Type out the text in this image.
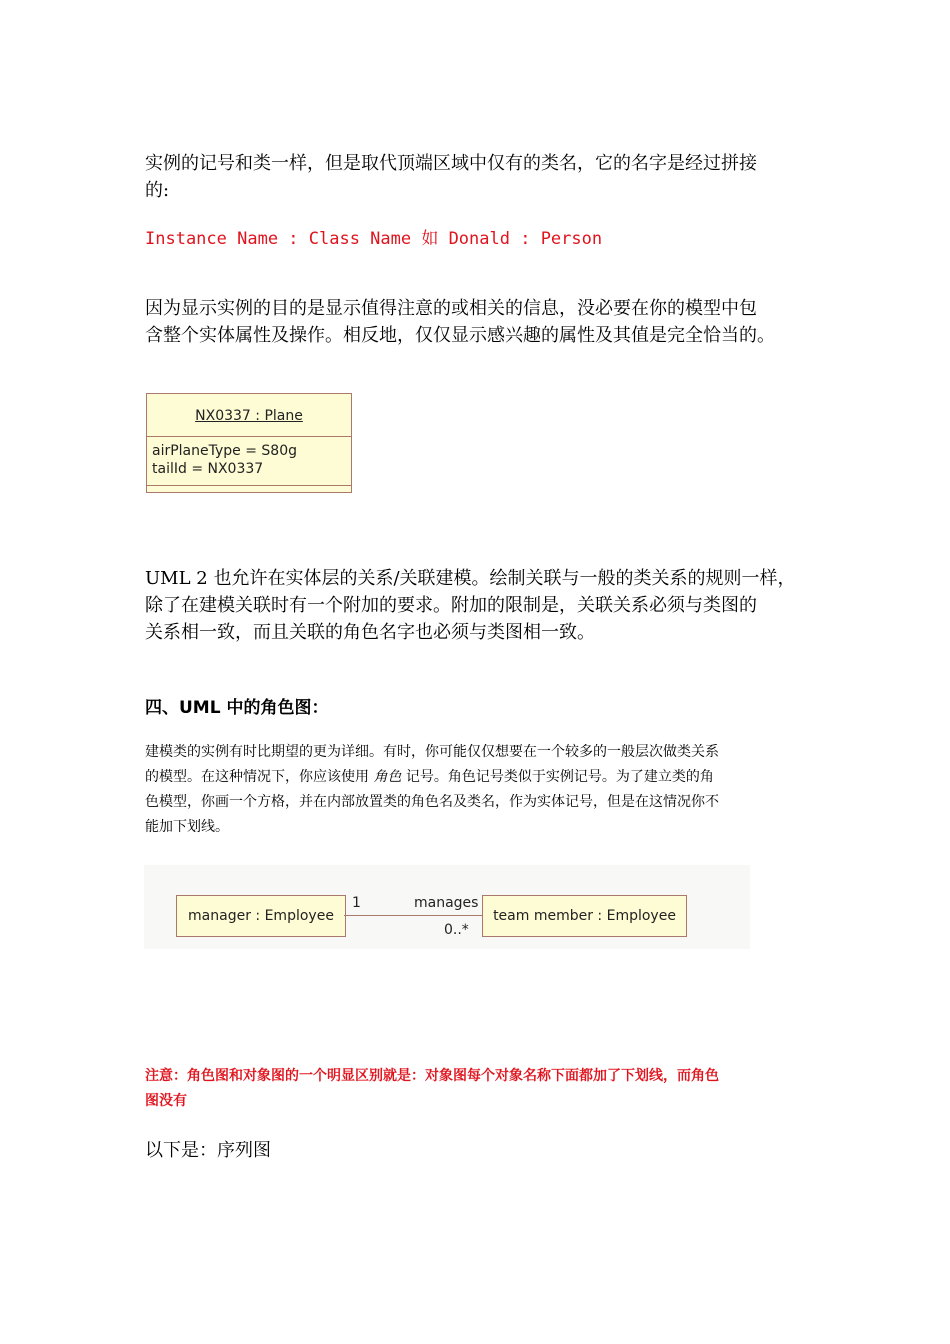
实例的记号和类一样，但是取代顶端区域中仅有的类名，它的名字是经过拼接
的:
Instance Name : Class Name 如 Donald : Person
因为显示实例的目的是显示值得注意的或相关的信息，没必要在你的模型中包
含整个实体属性及操作。相反地，仅仅显示感兴趣的属性及其值是完全恰当的。
NX0337 : Plane
airPlaneType = S80g
tailId = NX0337
UML 2 也允许在实体层的关系/关联建模。绘制关联与一般的类关系的规则一样，
除了在建模关联时有一个附加的要求。附加的限制是，关联关系必须与类图的
关系相一致，而且关联的角色名字也必须与类图相一致。
四、UML 中的角色图：
建模类的实例有时比期望的更为详细。有时，你可能仅仅想要在一个较多的一般层次做类关系
的模型。在这种情况下，你应该使用 角色 记号。角色记号类似于实例记号。为了建立类的角
色模型，你画一个方格，并在内部放置类的角色名及类名，作为实体记号，但是在这情况你不
能加下划线。
manager : Employee
1	manages
0..*
team member : Employee
注意：角色图和对象图的一个明显区别就是：对象图每个对象名称下面都加了下划线，而角色
图没有
以下是：序列图
